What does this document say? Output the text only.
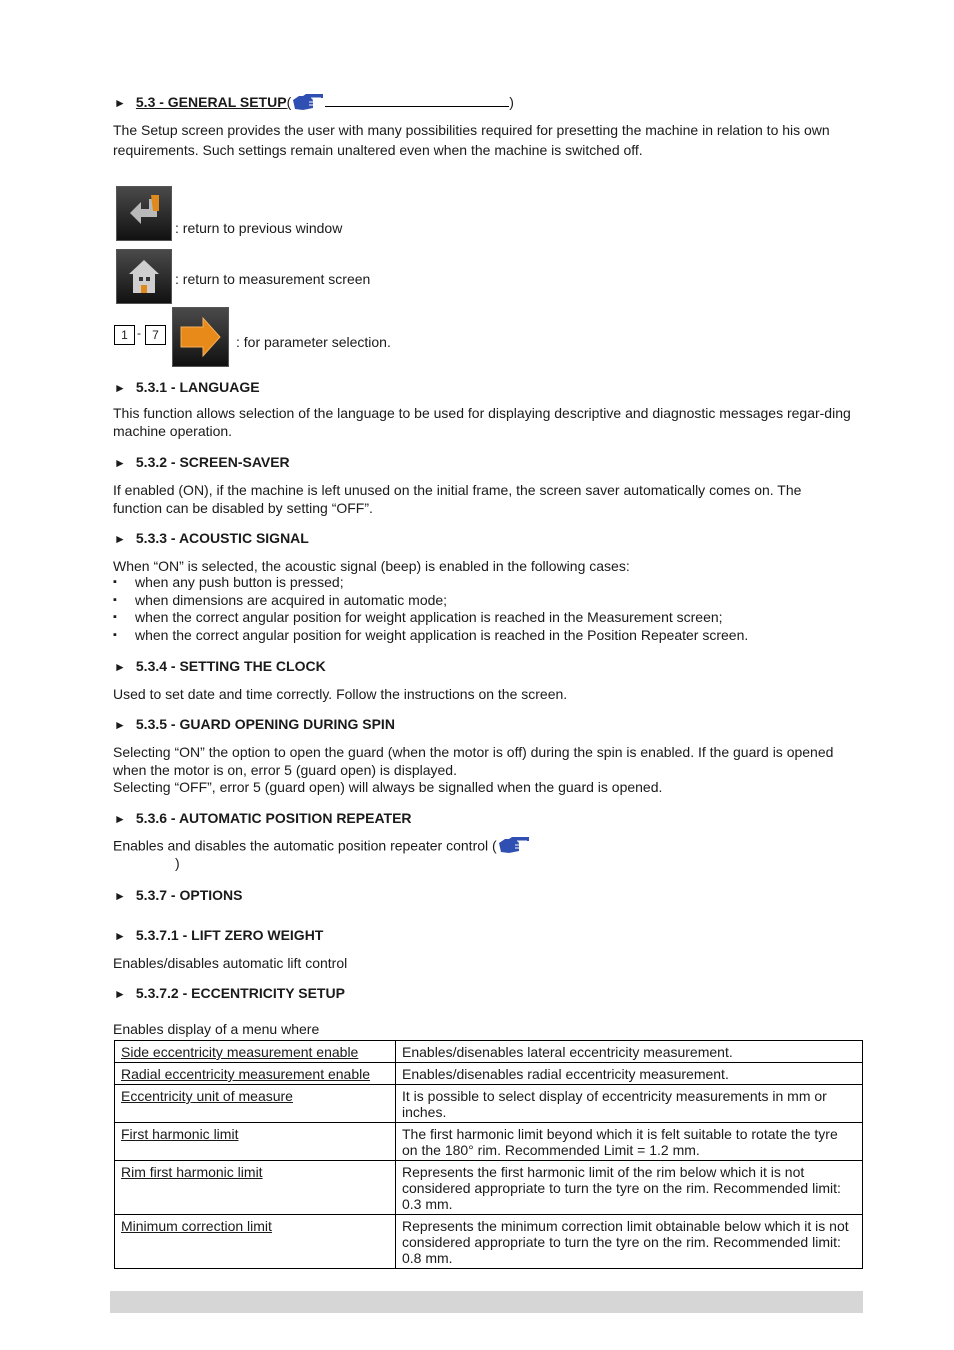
► 5.3 - GENERAL SETUP(	)
The Setup screen provides the user with many possibilities required for presetting the machine in relation to his own requirements. Such settings remain unaltered even when the machine is switched off.
: return to previous window
: return to measurement screen
1 - 7	: for parameter selection.
► 5.3.1 - LANGUAGE
This function allows selection of the language to be used for displaying descriptive and diagnostic messages regar-ding machine operation.
► 5.3.2 - SCREEN-SAVER
If enabled (ON), if the machine is left unused on the initial frame, the screen saver automatically comes on. The function can be disabled by setting “OFF”.
► 5.3.3 - ACOUSTIC SIGNAL
When “ON” is selected, the acoustic signal (beep) is enabled in the following cases:
▪ when any push button is pressed;
▪ when dimensions are acquired in automatic mode;
▪ when the correct angular position for weight application is reached in the Measurement screen;
▪ when the correct angular position for weight application is reached in the Position Repeater screen.
► 5.3.4 - SETTING THE CLOCK
Used to set date and time correctly. Follow the instructions on the screen.
► 5.3.5 - GUARD OPENING DURING SPIN
Selecting “ON” the option to open the guard (when the motor is off) during the spin is enabled. If the guard is opened
when the motor is on, error 5 (guard open) is displayed.
Selecting “OFF”, error 5 (guard open) will always be signalled when the guard is opened.
► 5.3.6 - AUTOMATIC POSITION REPEATER
Enables and disables the automatic position repeater control (
)
► 5.3.7 - OPTIONS
► 5.3.7.1 - LIFT ZERO WEIGHT
Enables/disables automatic lift control
► 5.3.7.2 - ECCENTRICITY SETUP
Enables display of a menu where
Side eccentricity measurement enable	Enables/disenables lateral eccentricity measurement.
Radial eccentricity measurement enable	Enables/disenables radial eccentricity measurement.
Eccentricity unit of measure	It is possible to select display of eccentricity measurements in mm or inches.
First harmonic limit	The first harmonic limit beyond which it is felt suitable to rotate the tyre on the 180° rim. Recommended Limit = 1.2 mm.
Rim first harmonic limit	Represents the first harmonic limit of the rim below which it is not considered appropriate to turn the tyre on the rim. Recommended limit: 0.3 mm.
Minimum correction limit	Represents the minimum correction limit obtainable below which it is not considered appropriate to turn the tyre on the rim. Recommended limit: 0.8 mm.
